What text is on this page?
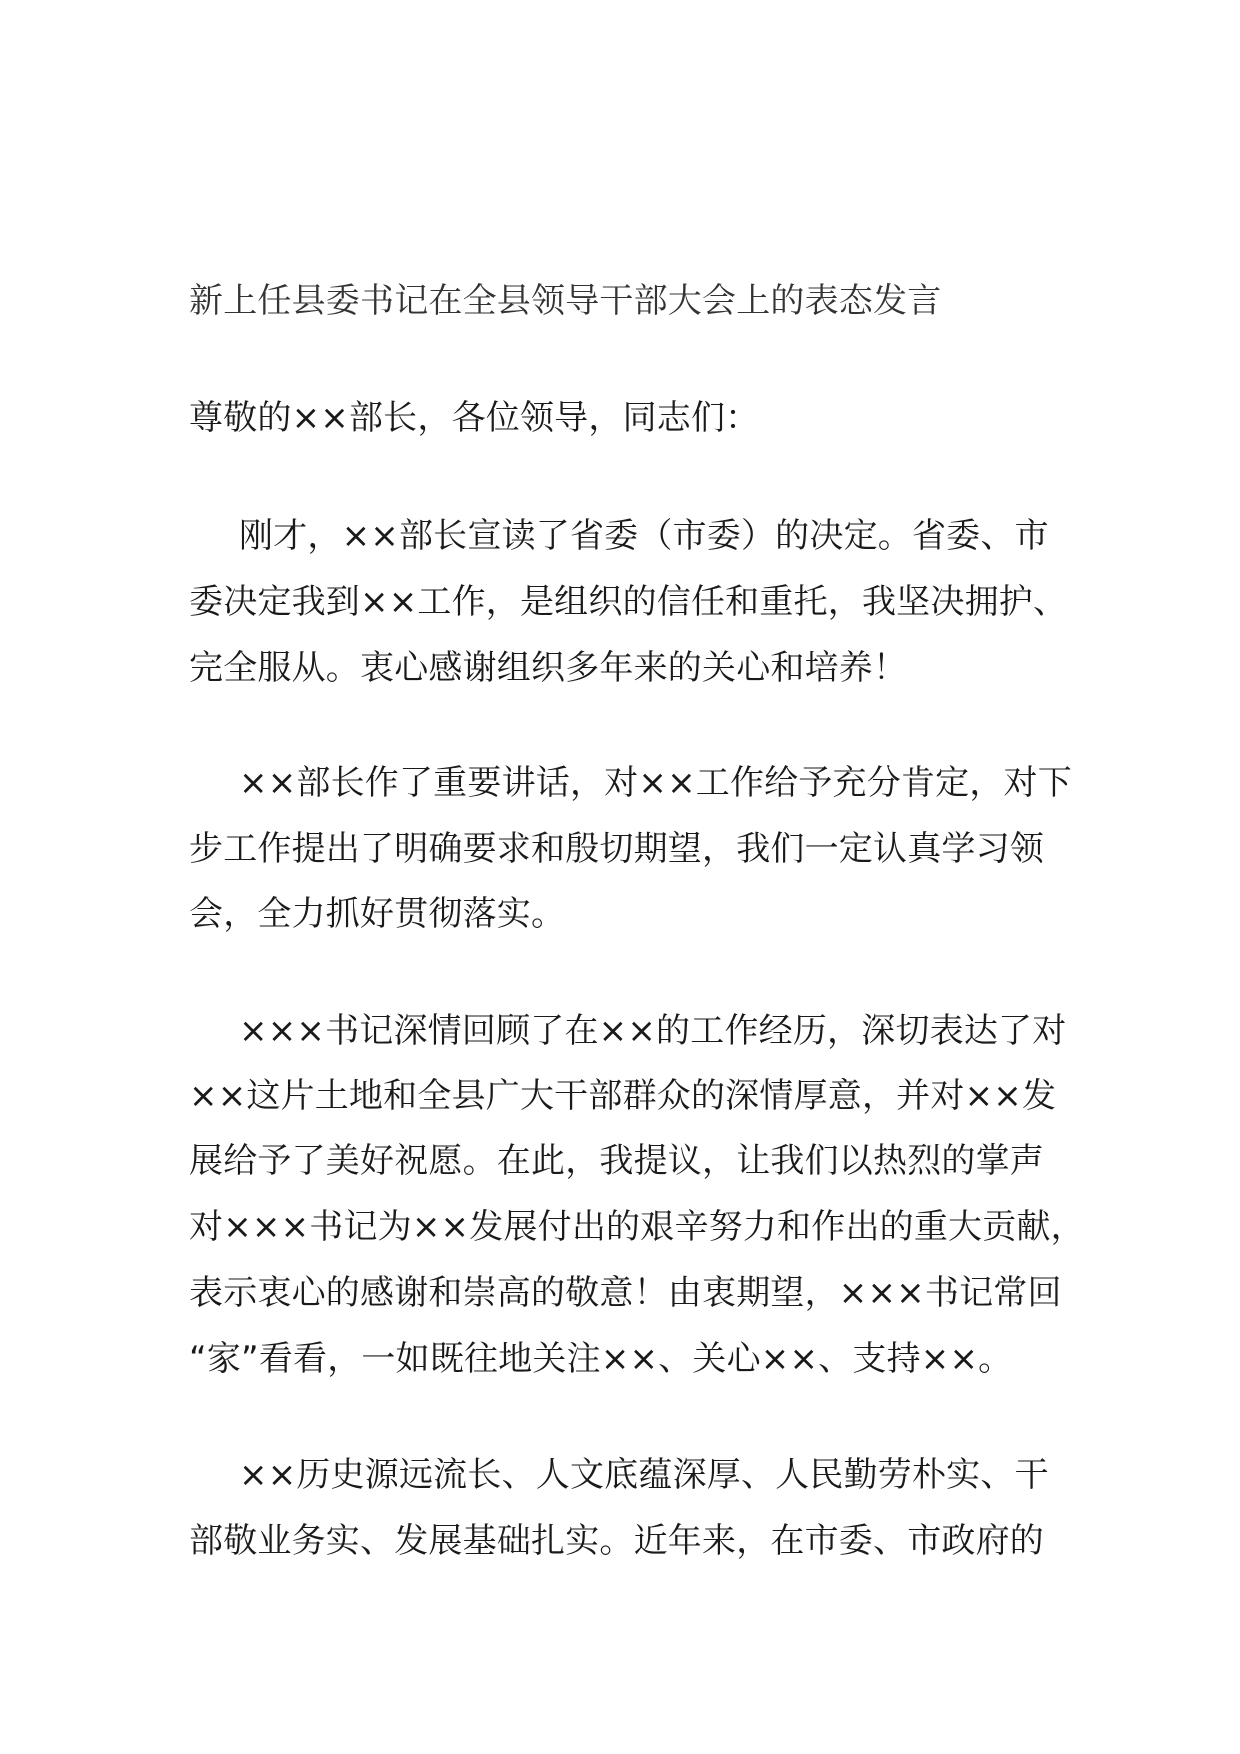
新上任县委书记在全县领导干部大会上的表态发言
尊敬的××部长，各位领导，同志们：
刚才，××部长宣读了省委（市委）的决定。省委、市
委决定我到××工作，是组织的信任和重托，我坚决拥护、
完全服从。衷心感谢组织多年来的关心和培养！
××部长作了重要讲话，对××工作给予充分肯定，对下
步工作提出了明确要求和殷切期望，我们一定认真学习领
会，全力抓好贯彻落实。
×××书记深情回顾了在××的工作经历，深切表达了对
××这片土地和全县广大干部群众的深情厚意，并对××发
展给予了美好祝愿。在此，我提议，让我们以热烈的掌声
对×××书记为××发展付出的艰辛努力和作出的重大贡献，
表示衷心的感谢和崇高的敬意！由衷期望，×××书记常回
“家”看看，一如既往地关注××、关心××、支持××。
××历史源远流长、人文底蕴深厚、人民勤劳朴实、干
部敬业务实、发展基础扎实。近年来，在市委、市政府的
